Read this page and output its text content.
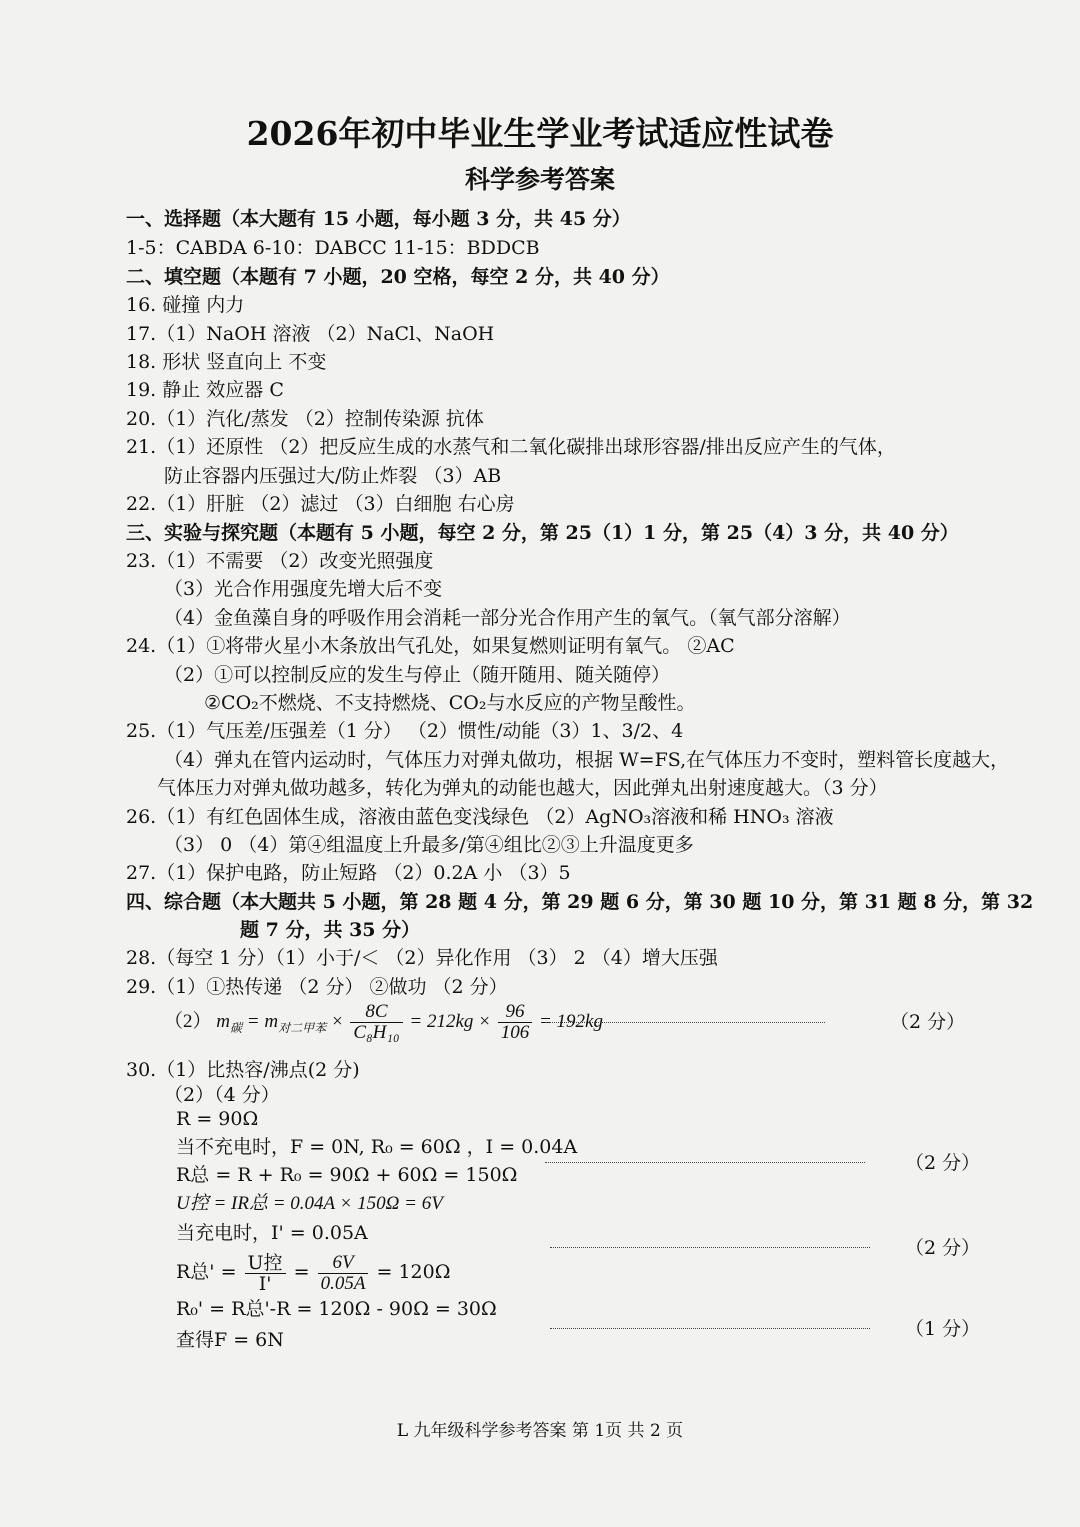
2026年初中毕业生学业考试适应性试卷
科学参考答案
一、选择题（本大题有 15 小题，每小题 3 分，共 45 分）
1-5：CABDA 6-10：DABCC 11-15：BDDCB
二、填空题（本题有 7 小题，20 空格，每空 2 分，共 40 分）
16. 碰撞 内力
17.（1）NaOH 溶液 （2）NaCl、NaOH
18. 形状 竖直向上 不变
19. 静止 效应器 C
20.（1）汽化/蒸发 （2）控制传染源 抗体
21.（1）还原性 （2）把反应生成的水蒸气和二氧化碳排出球形容器/排出反应产生的气体，
防止容器内压强过大/防止炸裂 （3）AB
22.（1）肝脏 （2）滤过 （3）白细胞 右心房
三、实验与探究题（本题有 5 小题，每空 2 分，第 25（1）1 分，第 25（4）3 分，共 40 分）
23.（1）不需要 （2）改变光照强度
（3）光合作用强度先增大后不变
（4）金鱼藻自身的呼吸作用会消耗一部分光合作用产生的氧气。（氧气部分溶解）
24.（1）①将带火星小木条放出气孔处，如果复燃则证明有氧气。 ②AC
（2）①可以控制反应的发生与停止（随开随用、随关随停）
②CO₂不燃烧、不支持燃烧、CO₂与水反应的产物呈酸性。
25.（1）气压差/压强差（1 分） （2）惯性/动能（3）1、3/2、4
（4）弹丸在管内运动时，气体压力对弹丸做功，根据 W=FS,在气体压力不变时，塑料管长度越大，
气体压力对弹丸做功越多，转化为弹丸的动能也越大，因此弹丸出射速度越大。（3 分）
26.（1）有红色固体生成，溶液由蓝色变浅绿色 （2）AgNO₃溶液和稀 HNO₃ 溶液
（3） 0 （4）第④组温度上升最多/第④组比②③上升温度更多
27.（1）保护电路，防止短路 （2）0.2A 小 （3）5
四、综合题（本大题共 5 小题，第 28 题 4 分，第 29 题 6 分，第 30 题 10 分，第 31 题 8 分，第 32
题 7 分，共 35 分）
28.（每空 1 分）（1）小于/＜ （2）异化作用 （3） 2 （4）增大压强
29.（1）①热传递 （2 分） ②做功 （2 分）
30.（1）比热容/沸点(2 分)
（2）（4 分）
（2） $m_碳 = m_{对二甲苯} \times \frac{8C}{\text{C₈H₁₀}} = 212kg \times \frac{96}{106} = 192kg$
R = 90Ω
当不充电时，F = 0N, R₀ = 60Ω ，I = 0.04A
R总 = R + R₀ = 90Ω + 60Ω = 150Ω
U控 = IR总 = 0.04A × 150Ω = 6V
当充电时，I' = 0.05A
R₀' = R总'-R = 120Ω - 90Ω = 30Ω
查得F = 6N
R总' = $\frac{\text{U控}}{I'} = \frac{6V}{0.05A} = 120\Omega$
（2 分）
（2 分）
（2 分）
（1 分）
L 九年级科学参考答案 第 1页 共 2 页
